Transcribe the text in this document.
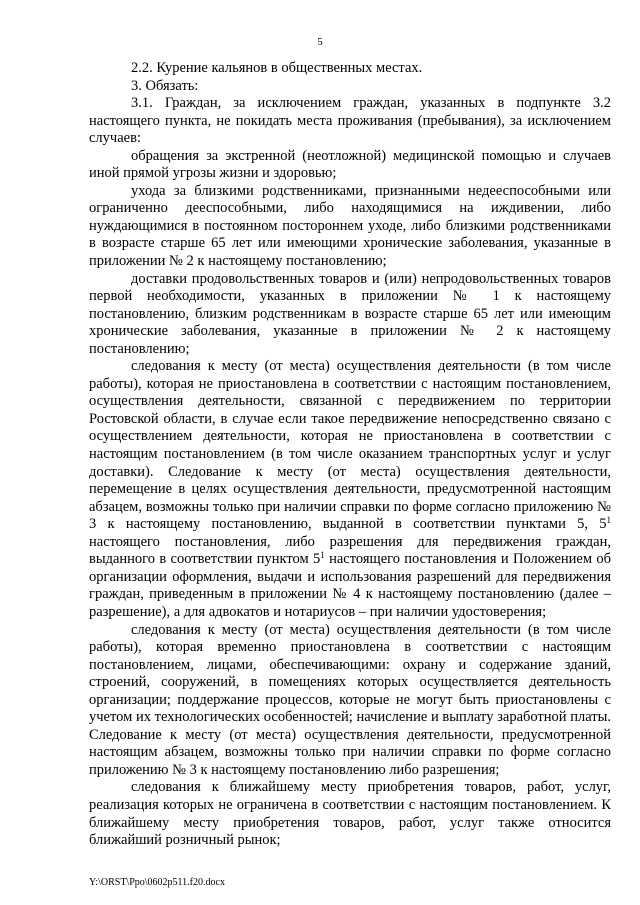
5

2.2. Курение кальянов в общественных местах.

3. Обязать:

3.1. Граждан, за исключением граждан, указанных в подпункте 3.2 настоящего пункта, не покидать места проживания (пребывания), за исключением случаев:

обращения за экстренной (неотложной) медицинской помощью и случаев иной прямой угрозы жизни и здоровью;

ухода за близкими родственниками, признанными недееспособными или ограниченно дееспособными, либо находящимися на иждивении, либо нуждающимися в постоянном постороннем уходе, либо близкими родственниками в возрасте старше 65 лет или имеющими хронические заболевания, указанные в приложении № 2 к настоящему постановлению;

доставки продовольственных товаров и (или) непродовольственных товаров первой необходимости, указанных в приложении № 1 к настоящему постановлению, близким родственникам в возрасте старше 65 лет или имеющим хронические заболевания, указанные в приложении № 2 к настоящему постановлению;

следования к месту (от места) осуществления деятельности (в том числе работы), которая не приостановлена в соответствии с настоящим постановлением, осуществления деятельности, связанной с передвижением по территории Ростовской области, в случае если такое передвижение непосредственно связано с осуществлением деятельности, которая не приостановлена в соответствии с настоящим постановлением (в том числе оказанием транспортных услуг и услуг доставки). Следование к месту (от места) осуществления деятельности, перемещение в целях осуществления деятельности, предусмотренной настоящим абзацем, возможны только при наличии справки по форме согласно приложению № 3 к настоящему постановлению, выданной в соответствии пунктами 5, $5^1$ настоящего постановления, либо разрешения для передвижения граждан, выданного в соответствии пунктом $5^1$ настоящего постановления и Положением об организации оформления, выдачи и использования разрешений для передвижения граждан, приведенным в приложении № 4 к настоящему постановлению (далее – разрешение), а для адвокатов и нотариусов – при наличии удостоверения;

следования к месту (от места) осуществления деятельности (в том числе работы), которая временно приостановлена в соответствии с настоящим постановлением, лицами, обеспечивающими: охрану и содержание зданий, строений, сооружений, в помещениях которых осуществляется деятельность организации; поддержание процессов, которые не могут быть приостановлены с учетом их технологических особенностей; начисление и выплату заработной платы. Следование к месту (от места) осуществления деятельности, предусмотренной настоящим абзацем, возможны только при наличии справки по форме согласно приложению № 3 к настоящему постановлению либо разрешения;

следования к ближайшему месту приобретения товаров, работ, услуг, реализация которых не ограничена в соответствии с настоящим постановлением. К ближайшему месту приобретения товаров, работ, услуг также относится ближайший розничный рынок;

Y:\ORST\Ppo\0602p511.f20.docx
